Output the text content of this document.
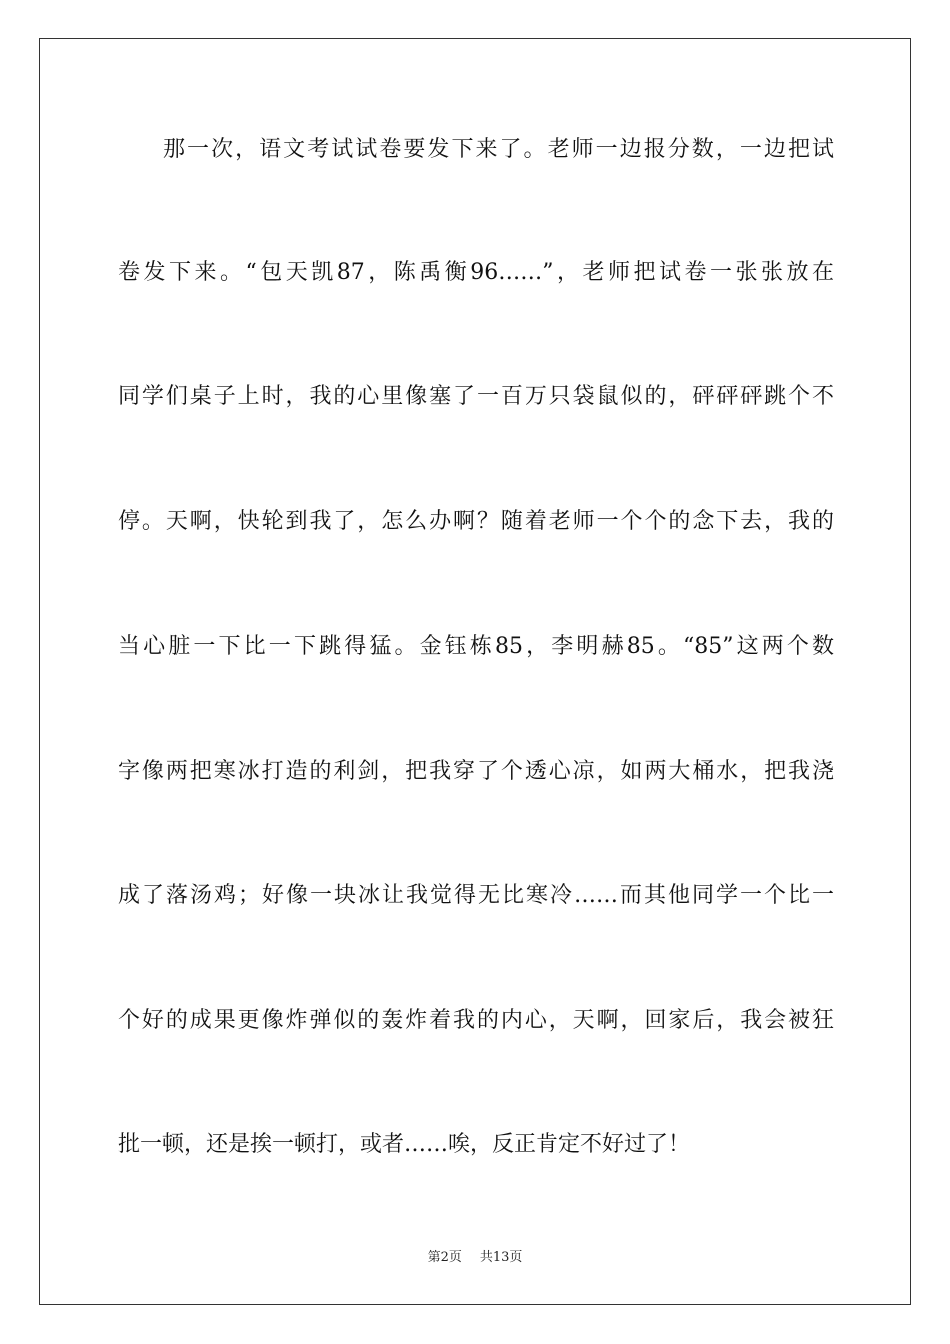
那一次，语文考试试卷要发下来了。老师一边报分数，一边把试
卷发下来。“包天凯87，陈禹衡96……”，老师把试卷一张张放在
同学们桌子上时，我的心里像塞了一百万只袋鼠似的，砰砰砰跳个不
停。天啊，快轮到我了，怎么办啊？随着老师一个个的念下去，我的
当心脏一下比一下跳得猛。金钰栋85，李明赫85。“85”这两个数
字像两把寒冰打造的利剑，把我穿了个透心凉，如两大桶水，把我浇
成了落汤鸡；好像一块冰让我觉得无比寒冷……而其他同学一个比一
个好的成果更像炸弹似的轰炸着我的内心，天啊，回家后，我会被狂
批一顿，还是挨一顿打，或者……唉，反正肯定不好过了！
第2页 共13页
